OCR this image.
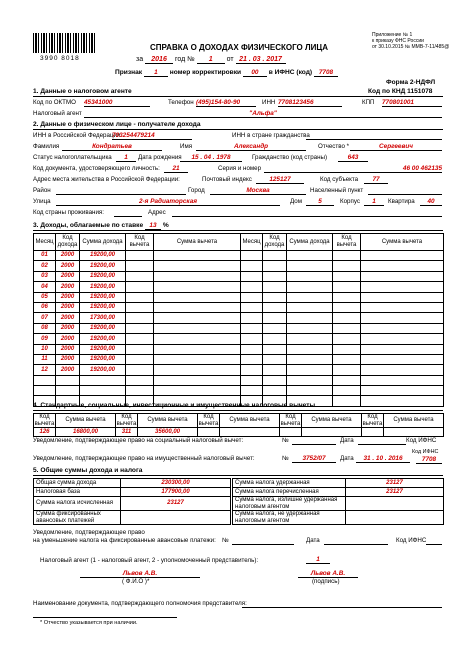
3990 8018
Приложение № 1
к приказу ФНС России
от 30.10.2015 № ММВ-7-11/485@
СПРАВКА О ДОХОДАХ ФИЗИЧЕСКОГО ЛИЦА
за 2016 год № 1 от 21 . 03 . 2017
Признак 1 номер корректировки 00 в ИФНС (код) 7708
Форма 2-НДФЛ
Код по КНД 1151078
1. Данные о налоговом агенте
Код по ОКТМО 45341000	Телефон (495)154-80-90	ИНН 7708123456	КПП 770801001
Налоговый агент	"Альфа"
2. Данные о физическом лице - получателе дохода
ИНН в Российской Федерации
703254479214	ИНН в стране гражданства
Фамилия	Кондратьев	Имя	Александр	Отчество *	Сергеевич
Статус налогоплательщика	1	Дата рождения	15 . 04 . 1978	Гражданство (код страны)	643
Код документа, удостоверяющего личность:	21	Серия и номер	46 00 462135
Адрес места жительства в Российской Федерации:	Почтовый индекс	125127	Код субъекта	77
Район	Город	Москва	Населенный пункт
Улица	2-я Радиаторская	Дом	5	Корпус	1	Квартира	40
Код страны проживания:	Адрес
3. Доходы, облагаемые по ставке 13 %
Месяц	Код дохода	Сумма дохода	Код вычета	Сумма вычета
01	2000	19200,00		
02	2000	19200,00		
03	2000	19200,00		
04	2000	19200,00		
05	2000	19200,00		
06	2000	19200,00		
07	2000	17300,00		
08	2000	19200,00		
09	2000	19200,00		
10	2000	19200,00		
11	2000	19200,00		
12	2000	19200,00		

Месяц	Код дохода	Сумма дохода	Код вычета	Сумма вычета

4. Стандартные, социальные, инвестиционные и имущественные налоговые вычеты
Код вычета	Сумма вычета	Код вычета	Сумма вычета	Код вычета	Сумма вычета	Код вычета	Сумма вычета	Код вычета	Сумма вычета
126	16800,00	311	35600,00						
Уведомление, подтверждающее право на социальный налоговый вычет:	№	Дата	Код ИФНС
Уведомление, подтверждающее право на имущественный налоговый вычет:	№	3752/07	Дата	31 . 10 . 2016
Код ИФНС
7708
5. Общие суммы дохода и налога
Общая сумма дохода	230300,00
Налоговая база	177900,00
Сумма налога исчисленная	23127
Сумма фиксированных авансовых платежей	
Сумма налога удержанная	23127
Сумма налога перечисленная	23127
Сумма налога, излишне удержанная налоговым агентом	
Сумма налога, не удержанная налоговым агентом	
Уведомление, подтверждающее право
на уменьшение налога на фиксированные авансовые платежи: №	Дата	Код ИФНС
Налоговый агент (1 - налоговый агент, 2 - уполномоченный представитель):	1
Львов А.В.
( Ф.И.О )*
Львов А.В.
(подпись)
Наименование документа, подтверждающего полномочия представителя:
* Отчество указывается при наличии.
